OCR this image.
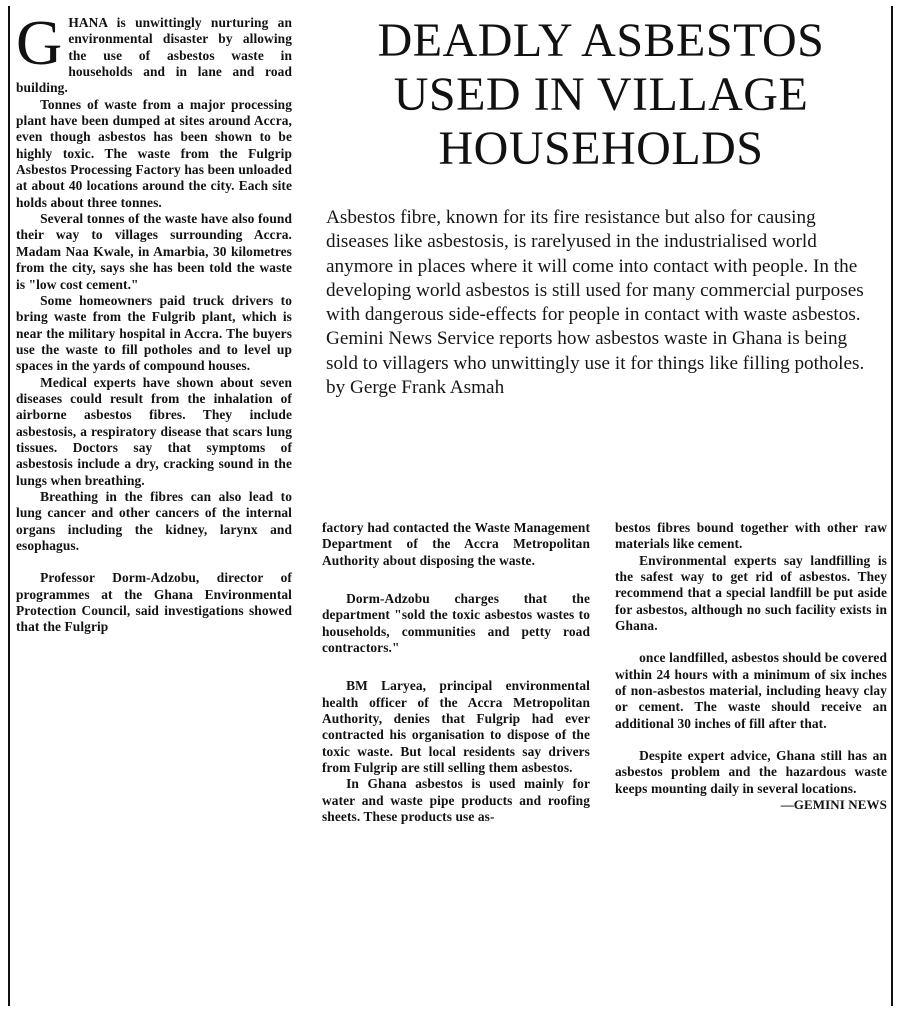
GHANA is unwittingly nurturing an environmental disaster by allowing the use of asbestos waste in households and in lane and road building.

Tonnes of waste from a major processing plant have been dumped at sites around Accra, even though asbestos has been shown to be highly toxic. The waste from the Fulgrip Asbestos Processing Factory has been unloaded at about 40 locations around the city. Each site holds about three tonnes.

Several tonnes of the waste have also found their way to villages surrounding Accra. Madam Naa Kwale, in Amarbia, 30 kilometres from the city, says she has been told the waste is "low cost cement."

Some homeowners paid truck drivers to bring waste from the Fulgrib plant, which is near the military hospital in Accra. The buyers use the waste to fill potholes and to level up spaces in the yards of compound houses.

Medical experts have shown about seven diseases could result from the inhalation of airborne asbestos fibres. They include asbestosis, a respiratory disease that scars lung tissues. Doctors say that symptoms of asbestosis include a dry, cracking sound in the lungs when breathing.

Breathing in the fibres can also lead to lung cancer and other cancers of the internal organs including the kidney, larynx and esophagus.

Professor Dorm-Adzobu, director of programmes at the Ghana Environmental Protection Council, said investigations showed that the Fulgrip

DEADLY ASBESTOS
USED IN VILLAGE
HOUSEHOLDS
Asbestos fibre, known for its fire resistance but also for causing diseases like asbestosis, is rarelyused in the industrialised world anymore in places where it will come into contact with people. In the developing world asbestos is still used for many commercial purposes with dangerous side-effects for people in contact with waste asbestos. Gemini News Service reports how asbestos waste in Ghana is being sold to villagers who unwittingly use it for things like filling potholes. by Gerge Frank Asmah

factory had contacted the Waste Management Department of the Accra Metropolitan Authority about disposing the waste.

Dorm-Adzobu charges that the department "sold the toxic asbestos wastes to households, communities and petty road contractors."

BM Laryea, principal environmental health officer of the Accra Metropolitan Authority, denies that Fulgrip had ever contracted his organisation to dispose of the toxic waste. But local residents say drivers from Fulgrip are still selling them asbestos.

In Ghana asbestos is used mainly for water and waste pipe products and roofing sheets. These products use as-

bestos fibres bound together with other raw materials like cement.

Environmental experts say landfilling is the safest way to get rid of asbestos. They recommend that a special landfill be put aside for asbestos, although no such facility exists in Ghana.

once landfilled, asbestos should be covered within 24 hours with a minimum of six inches of non-asbestos material, including heavy clay or cement. The waste should receive an additional 30 inches of fill after that.

Despite expert advice, Ghana still has an asbestos problem and the hazardous waste keeps mounting daily in several locations.

—GEMINI NEWS
